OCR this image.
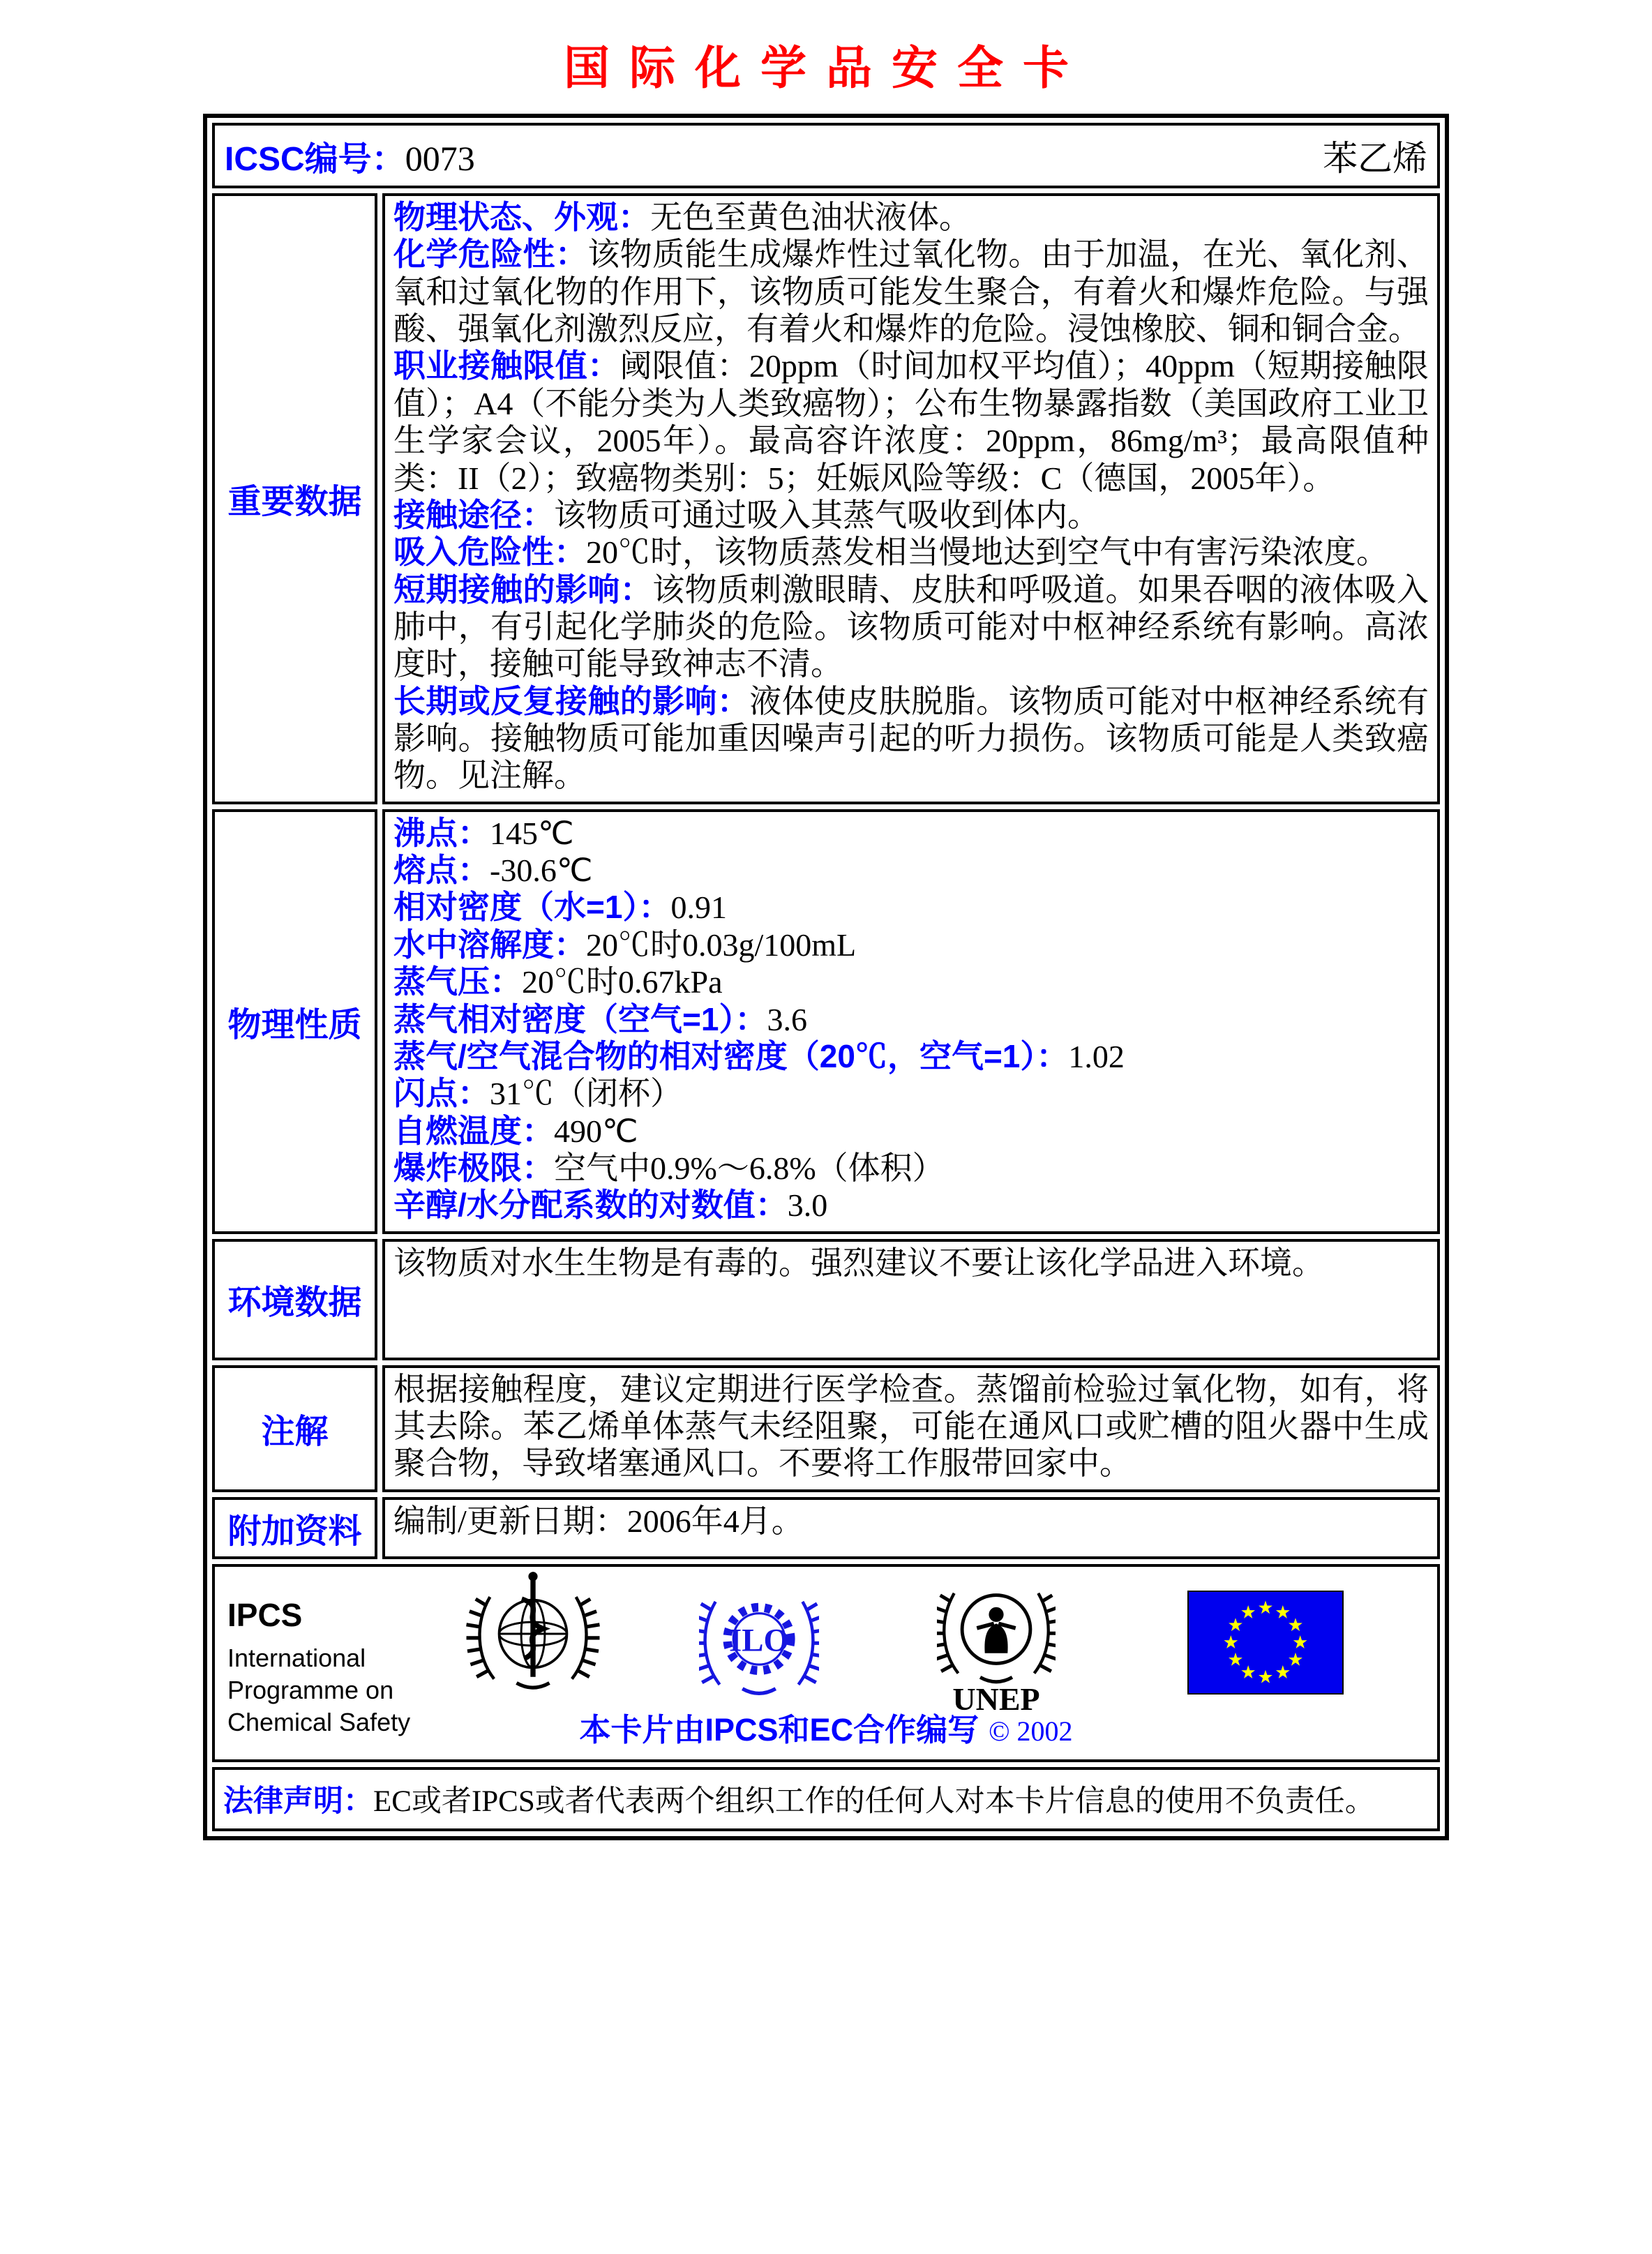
国际化学品安全卡
ICSC编号：0073 苯乙烯	

重要数据	
物理状态、外观：无色至黄色油状液体。
化学危险性：该物质能生成爆炸性过氧化物。由于加温，在光、氧化剂、氧和过氧化物的作用下，该物质可能发生聚合，有着火和爆炸危险。与强酸、强氧化剂激烈反应，有着火和爆炸的危险。浸蚀橡胶、铜和铜合金。
职业接触限值：阈限值：20ppm（时间加权平均值）；40ppm（短期接触限值）；A4（不能分类为人类致癌物）；公布生物暴露指数（美国政府工业卫生学家会议，2005年）。最高容许浓度：20ppm，86mg/m³；最高限值种类：II（2）；致癌物类别：5；妊娠风险等级：C（德国，2005年）。
接触途径：该物质可通过吸入其蒸气吸收到体内。
吸入危险性：20℃时，该物质蒸发相当慢地达到空气中有害污染浓度。
短期接触的影响：该物质刺激眼睛、皮肤和呼吸道。如果吞咽的液体吸入肺中，有引起化学肺炎的危险。该物质可能对中枢神经系统有影响。高浓度时，接触可能导致神志不清。
长期或反复接触的影响：液体使皮肤脱脂。该物质可能对中枢神经系统有影响。接触物质可能加重因噪声引起的听力损伤。该物质可能是人类致癌物。见注解。

物理性质	
沸点：145℃
熔点：-30.6℃
相对密度（水=1）：0.91
水中溶解度：20℃时0.03g/100mL
蒸气压：20℃时0.67kPa
蒸气相对密度（空气=1）：3.6
蒸气/空气混合物的相对密度（20℃，空气=1）：1.02
闪点：31℃（闭杯）
自燃温度：490℃
爆炸极限：空气中0.9%～6.8%（体积）
辛醇/水分配系数的对数值：3.0

环境数据	该物质对水生生物是有毒的。强烈建议不要让该化学品进入环境。

注解	根据接触程度，建议定期进行医学检查。蒸馏前检验过氧化物，如有，将其去除。苯乙烯单体蒸气未经阻聚，可能在通风口或贮槽的阻火器中生成聚合物，导致堵塞通风口。不要将工作服带回家中。

附加资料	编制/更新日期：2006年4月。

IPCS
International
Programme on
Chemical Safety
ILO
UNEP
本卡片由IPCS和EC合作编写 © 2002

法律声明：EC或者IPCS或者代表两个组织工作的任何人对本卡片信息的使用不负责任。	
